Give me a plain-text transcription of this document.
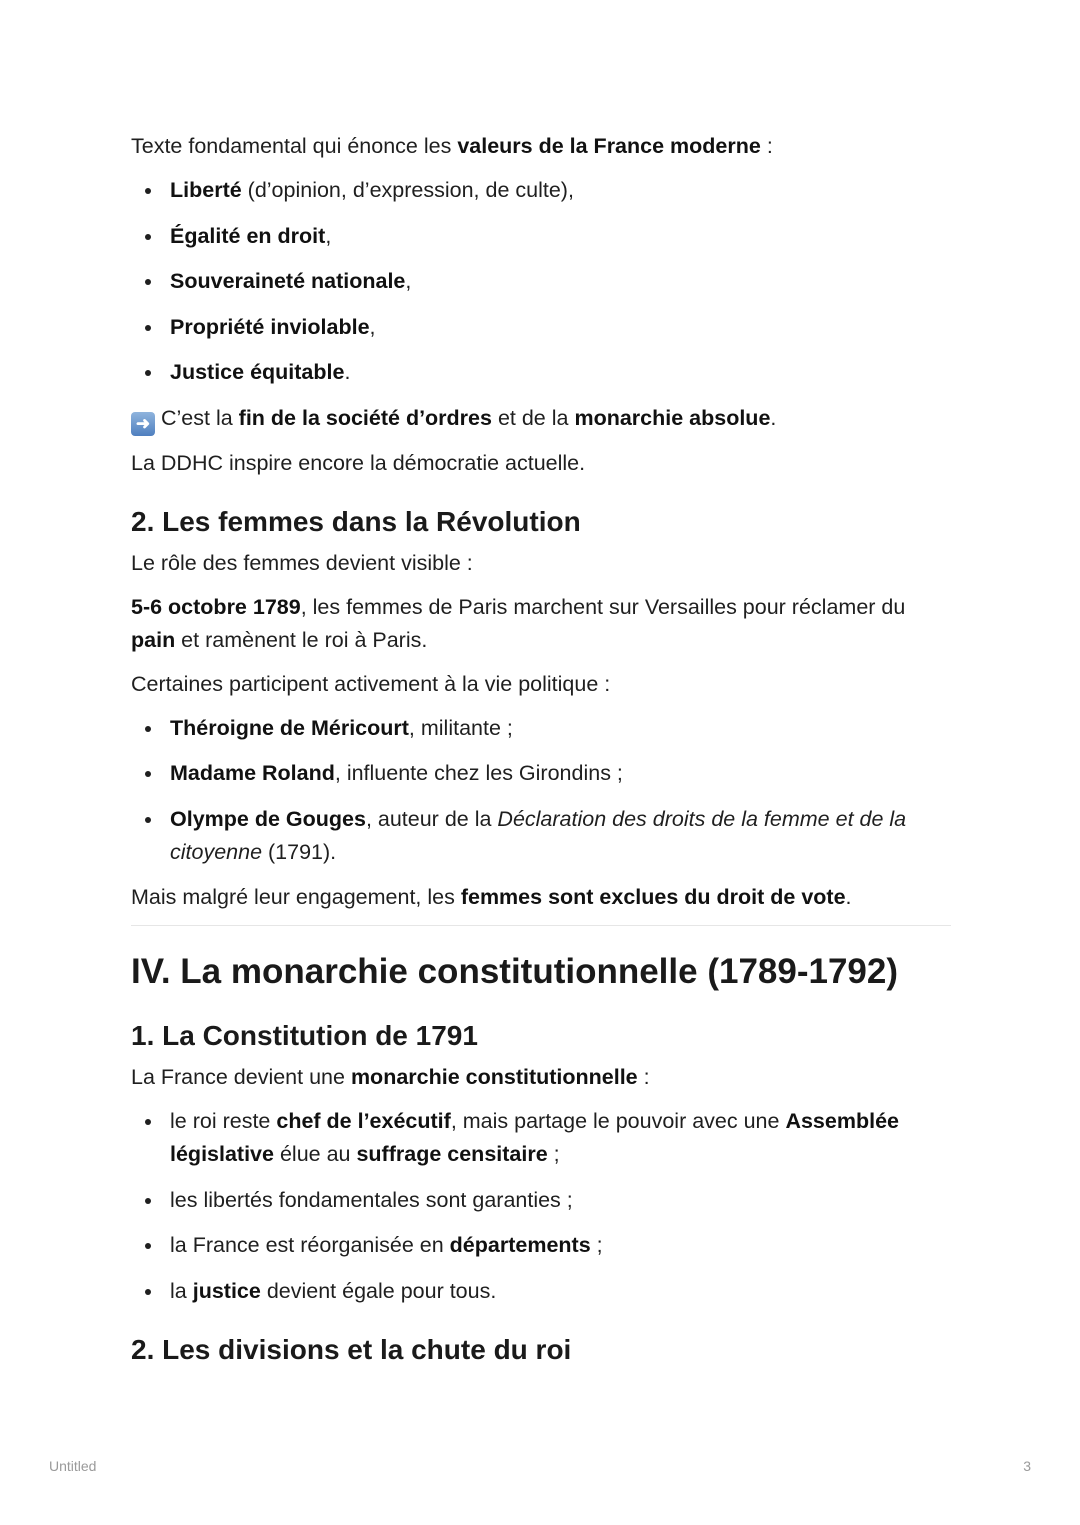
Texte fondamental qui énonce les valeurs de la France moderne :
Liberté (d’opinion, d’expression, de culte),
Égalité en droit,
Souveraineté nationale,
Propriété inviolable,
Justice équitable.
➜ C’est la fin de la société d’ordres et de la monarchie absolue.
La DDHC inspire encore la démocratie actuelle.
2. Les femmes dans la Révolution
Le rôle des femmes devient visible :
5-6 octobre 1789, les femmes de Paris marchent sur Versailles pour réclamer du pain et ramènent le roi à Paris.
Certaines participent activement à la vie politique :
Théroigne de Méricourt, militante ;
Madame Roland, influente chez les Girondins ;
Olympe de Gouges, auteur de la Déclaration des droits de la femme et de la citoyenne (1791).
Mais malgré leur engagement, les femmes sont exclues du droit de vote.
IV. La monarchie constitutionnelle (1789-1792)
1. La Constitution de 1791
La France devient une monarchie constitutionnelle :
le roi reste chef de l’exécutif, mais partage le pouvoir avec une Assemblée législative élue au suffrage censitaire ;
les libertés fondamentales sont garanties ;
la France est réorganisée en départements ;
la justice devient égale pour tous.
2. Les divisions et la chute du roi
Untitled	3
